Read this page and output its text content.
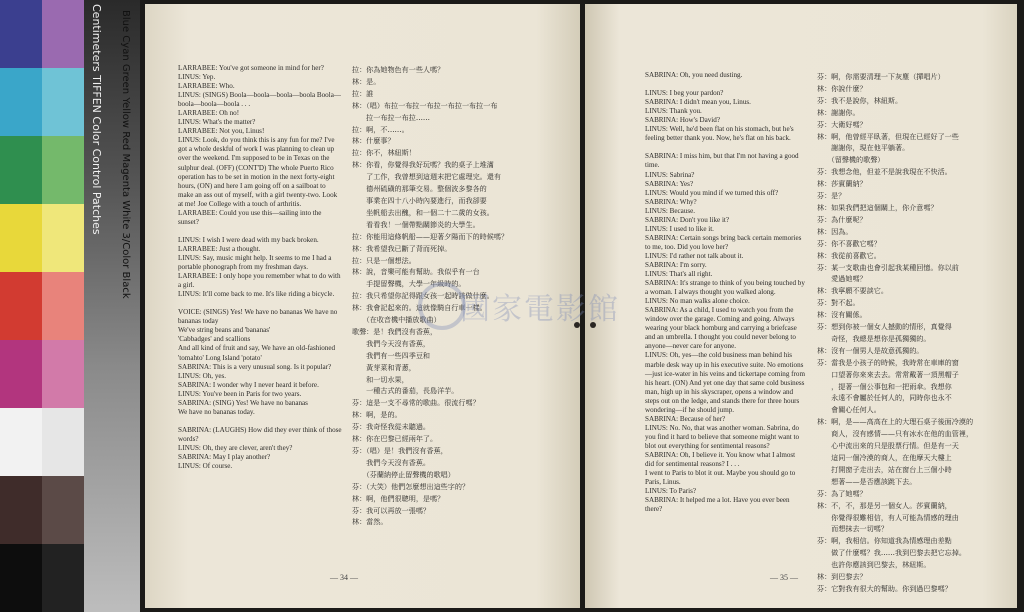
Centimeters TIFFEN Color Control Patches Blue Cyan Green Yellow Red Magenta White 3/Color Black	LARRABEE: You've got someone in mind for her?
LINUS: Yep.
LARRABEE: Who.
LINUS: (SINGS) Boola—boola—boola—boola Boola—boola—boola—boola . . .
LARRABEE: Oh no!
LINUS: What's the matter?
LARRABEE: Not you, Linus!
LINUS: Look, do you think this is any fun for me? I've got a whole deskful of work I was planning to clean up over the weekend. I'm supposed to be in Texas on the sulphur deal. (OFF) (CONT'D) The whole Puerto Rico operation has to be set in motion in the next forty-eight hours, (ON) and here I am going off on a sailboat to make an ass out of myself, with a girl twenty-two. Look at me! Joe College with a touch of arthritis.
LARRABEE: Could you use this—sailing into the sunset?

LINUS: I wish I were dead with my back broken.
LARRABEE: Just a thought.
LINUS: Say, music might help. It seems to me I had a portable phonograph from my freshman days.
LARRABEE: I only hope you remember what to do with a girl.
LINUS: It'll come back to me. It's like riding a bicycle.

VOICE: (SINGS) Yes! We have no bananas We have no bananas today
We've string beans and 'bananas'
'Cabbadges' and scallions
And all kind of fruit and say, We have an old-fashioned 'tomahto' Long Island 'potato'
SABRINA: This is a very unusual song. Is it popular?
LINUS: Oh, yes.
SABRINA: I wonder why I never heard it before.
LINUS: You've been in Paris for two years.
SABRINA: (SING) Yes! We have no bananas
We have no bananas today.

SABRINA: (LAUGHS) How did they ever think of those words?
LINUS: Oh, they are clever, aren't they?
SABRINA: May I play another?
LINUS: Of course.
拉：你為她物色有一些人嗎？
林：是。
拉：誰
林：（唱）布拉一布拉一布拉一布拉一布拉一布
　　拉一布拉一布拉……
拉：啊，不……。
林：什麼事？
拉：你不，林紐斯！
林：你看，你覺得我好玩嗎？我的桌子上堆滿
　　了工作，我曾想到這週末把它處理完。還有
　　德州硫磺的那筆交易。整個波多黎各的
　　事業在四十八小時內要進行，而我卻要
　　坐帆船去出醜，和一個二十二歲的女孩。
　　看看我！一個帶點關節炎的大學生。
拉：你能用這條帆船——迎著夕陽而下的時候嗎？
林：我希望我已斷了背而死掉。
拉：只是一個想法。
林：說，音樂可能有幫助。我似乎有一台
　　手提留聲機，大學一年級時的。
拉：我只希望你記得跟女孩一起時該做什麼。
林：我會記起來的。這就像騎自行車一樣。
　　（在收音機中播放歌曲）
歌聲：是！我們沒有香蕉，
　　我們今天沒有香蕉，
　　我們有一些四季豆和
　　黃芽菜和青蔥，
　　和一切水果，
　　一種古式的番茄，長島洋芋。
芬：這是一支不尋常的歌曲。很流行嗎？
林：啊，是的。
芬：我奇怪我從未聽過。
林：你在巴黎已經兩年了。
芬：（唱）是！我們沒有香蕉，
　　我們今天沒有香蕉。
　　（芬蘭納停止留聲機的歌唱）
芬：（大笑）他們怎麼想出這些字的？
林：啊，他們很聰明，是嗎？
芬：我可以再放一張嗎？
林：當然。
— 34 —
SABRINA: Oh, you need dusting.

LINUS: I beg your pardon?
SABRINA: I didn't mean you, Linus.
LINUS: Thank you.
SABRINA: How's David?
LINUS: Well, he'd been flat on his stomach, but he's feeling better thank you. Now, he's flat on his back.

SABRINA: I miss him, but that I'm not having a good time.
LINUS: Sabrina?
SABRINA: Yes?
LINUS: Would you mind if we turned this off?
SABRINA: Why?
LINUS: Because.
SABRINA: Don't you like it?
LINUS: I used to like it.
SABRINA: Certain songs bring back certain memories to me, too. Did you love her?
LINUS: I'd rather not talk about it.
SABRINA: I'm sorry.
LINUS: That's all right.
SABRINA: It's strange to think of you being touched by a woman. I always thought you walked along.
LINUS: No man walks alone choice.
SABRINA: As a child, I used to watch you from the window over the garage. Coming and going. Always wearing your black homburg and carrying a briefcase and an umbrella. I thought you could never belong to anyone—never care for anyone.
LINUS: Oh, yes—the cold business man behind his marble desk way up in his executive suite. No emotions—just ice-water in his veins and tickertape coming from his heart. (ON) And yet one day that same cold business man, high up in his skyscraper, opens a window and steps out on the ledge, and stands there for three hours wondering—if he should jump.
SABRINA: Because of her?
LINUS: No. No, that was another woman. Sabrina, do you find it hard to believe that someone might want to blot out everything for sentimental reasons?
SABRINA: Oh, I believe it. You know what I almost did for sentimental reasons? I . . .
I went to Paris to blot it out. Maybe you should go to Paris, Linus.
LINUS: To Paris?
SABRINA: It helped me a lot. Have you ever been there?
芬：啊，你需要清理一下灰塵（撣唱片）
林：你說什麼？
芬：我不是說你，林紐斯。
林：謝謝你。
芬：大衛好嗎？
林：啊，他曾經平臥著，但現在已經好了一些
　　謝謝你，現在他平躺著。
　　（留聲機的歌聲）
芬：我想念他，但並不是說我現在不快活。
林：莎賓蘭納？
芬：是？
林：如果我們把這個關上，你介意嗎？
芬：為什麼呢？
林：因為。
芬：你不喜歡它嗎？
林：我從前喜歡它。
芬：某一支歌曲也會引起我某種回憶。你以前
　　愛過她嗎？
林：我寧願不要談它。
芬：對不起。
林：沒有關係。
芬：想到你被一個女人撼動的情形，真覺得
　　奇怪，我總是想你是孤獨獨的。
林：沒有一個男人是故意孤獨的。
芬：當我是小孩子的時候，我時常在車庫的窗
　　口望著你來來去去。常常戴著一頂黑帽子
　　，提著一個公事包和一把雨傘。我想你
　　永遠不會屬於任何人的，同時你也永不
　　會關心任何人。
林：啊，是——高高在上的大理石桌子後面冷漠的
　　商人，沒有感情——只有冰水在他的血管裡，
　　心中流出來的只是股票行情。但是有一天
　　這同一個冷漠的商人，在他摩天大樓上
　　打開窗子走出去，站在窗台上三個小時
　　想著——是否應該跳下去。
芬：為了她嗎？
林：不，不，那是另一個女人。莎賓蘭納，
　　你覺得很難相信，有人可能為情感的理由
　　而想抹去一切嗎？
芬：啊，我相信。你知道我為情感理由差點
　　做了什麼嗎？我……我到巴黎去把它忘掉。
　　也許你應該到巴黎去，林紐斯。
林：到巴黎去？
芬：它對我有很大的幫助。你到過巴黎嗎？
— 35 —
國家電影館
